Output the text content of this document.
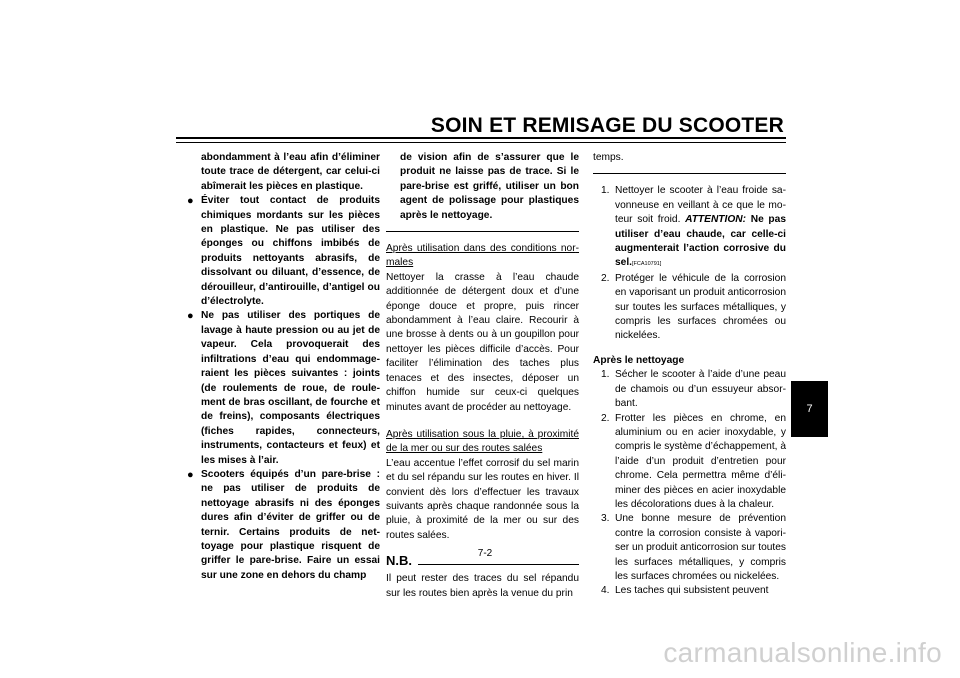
SOIN ET REMISAGE DU SCOOTER

abondamment à l’eau afin d’éliminer toute trace de détergent, car celui-ci abîmerait les pièces en plastique.

● Éviter tout contact de produits chimiques mordants sur les pièces en plastique. Ne pas utiliser des éponges ou chiffons imbibés de produits nettoyants abrasifs, de dissolvant ou diluant, d’essence, de dérouilleur, d’antirouille, d’antigel ou d’électrolyte.
● Ne pas utiliser des portiques de lavage à haute pression ou au jet de vapeur. Cela provoquerait des infiltrations d’eau qui endommageraient les pièces suivantes : joints (de roulements de roue, de roulement de bras oscillant, de fourche et de freins), composants électriques (fiches rapides, connecteurs, instruments, contacteurs et feux) et les mises à l’air.
● Scooters équipés d’un pare-brise : ne pas utiliser de produits de nettoyage abrasifs ni des éponges dures afin d’éviter de griffer ou de ternir. Certains produits de nettoyage pour plastique risquent de griffer le pare-brise. Faire un essai sur une zone en dehors du champ

de vision afin de s’assurer que le produit ne laisse pas de trace. Si le pare-brise est griffé, utiliser un bon agent de polissage pour plastiques après le nettoyage.

Après utilisation dans des conditions normales

Nettoyer la crasse à l’eau chaude additionnée de détergent doux et d’une éponge douce et propre, puis rincer abondamment à l’eau claire. Recourir à une brosse à dents ou à un goupillon pour nettoyer les pièces difficile d’accès. Pour faciliter l’élimination des taches plus tenaces et des insectes, déposer un chiffon humide sur ceux-ci quelques minutes avant de procéder au nettoyage.

Après utilisation sous la pluie, à proximité de la mer ou sur des routes salées

L’eau accentue l’effet corrosif du sel marin et du sel répandu sur les routes en hiver. Il convient dès lors d’effectuer les travaux suivants après chaque randonnée sous la pluie, à proximité de la mer ou sur des routes salées.

N.B.

Il peut rester des traces du sel répandu sur les routes bien après la venue du prin

temps.

1. Nettoyer le scooter à l’eau froide savonneuse en veillant à ce que le moteur soit froid. ATTENTION: Ne pas utiliser d’eau chaude, car celle-ci augmenterait l’action corrosive du sel.[FCA10791]
2. Protéger le véhicule de la corrosion en vaporisant un produit anticorrosion sur toutes les surfaces métalliques, y compris les surfaces chromées ou nickelées.

Après le nettoyage

1. Sécher le scooter à l’aide d’une peau de chamois ou d’un essuyeur absorbant.
2. Frotter les pièces en chrome, en aluminium ou en acier inoxydable, y compris le système d’échappement, à l’aide d’un produit d’entretien pour chrome. Cela permettra même d’éliminer des pièces en acier inoxydable les décolorations dues à la chaleur.
3. Une bonne mesure de prévention contre la corrosion consiste à vaporiser un produit anticorrosion sur toutes les surfaces métalliques, y compris les surfaces chromées ou nickelées.
4. Les taches qui subsistent peuvent
7
7-2
carmanualsonline.info
